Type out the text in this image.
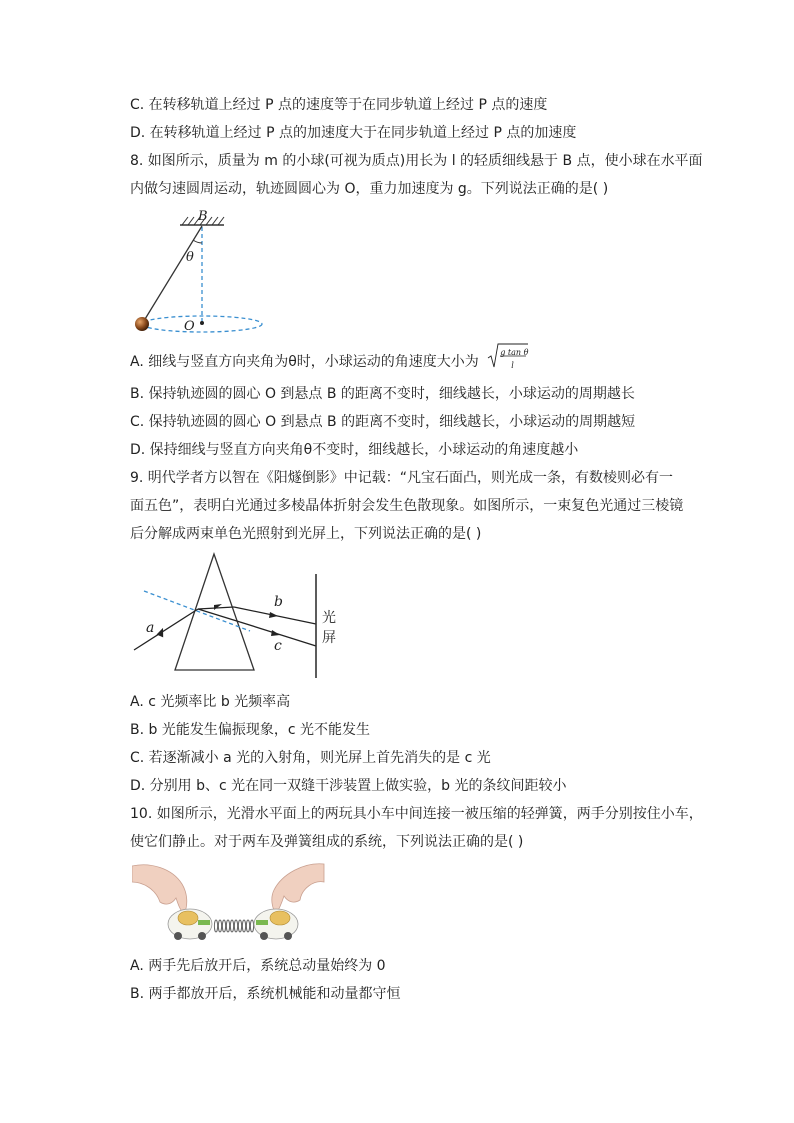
C. 在转移轨道上经过 P 点的速度等于在同步轨道上经过 P 点的速度
D. 在转移轨道上经过 P 点的加速度大于在同步轨道上经过 P 点的加速度
8. 如图所示，质量为 m 的小球(可视为质点)用长为 l 的轻质细线悬于 B 点，使小球在水平面
内做匀速圆周运动，轨迹圆圆心为 O，重力加速度为 g。下列说法正确的是( )
B
θ
O
A. 细线与竖直方向夹角为θ时，小球运动的角速度大小为
g tan θ
l
B. 保持轨迹圆的圆心 O 到悬点 B 的距离不变时，细线越长，小球运动的周期越长
C. 保持轨迹圆的圆心 O 到悬点 B 的距离不变时，细线越长，小球运动的周期越短
D. 保持细线与竖直方向夹角θ不变时，细线越长，小球运动的角速度越小
9. 明代学者方以智在《阳燧倒影》中记载：“凡宝石面凸，则光成一条，有数棱则必有一
面五色”，表明白光通过多棱晶体折射会发生色散现象。如图所示，一束复色光通过三棱镜
后分解成两束单色光照射到光屏上，下列说法正确的是( )
a
b
c
光
屏
A. c 光频率比 b 光频率高
B. b 光能发生偏振现象，c 光不能发生
C. 若逐渐减小 a 光的入射角，则光屏上首先消失的是 c 光
D. 分别用 b、c 光在同一双缝干涉装置上做实验，b 光的条纹间距较小
10. 如图所示，光滑水平面上的两玩具小车中间连接一被压缩的轻弹簧，两手分别按住小车，
使它们静止。对于两车及弹簧组成的系统，下列说法正确的是( )
A. 两手先后放开后，系统总动量始终为 0
B. 两手都放开后，系统机械能和动量都守恒
